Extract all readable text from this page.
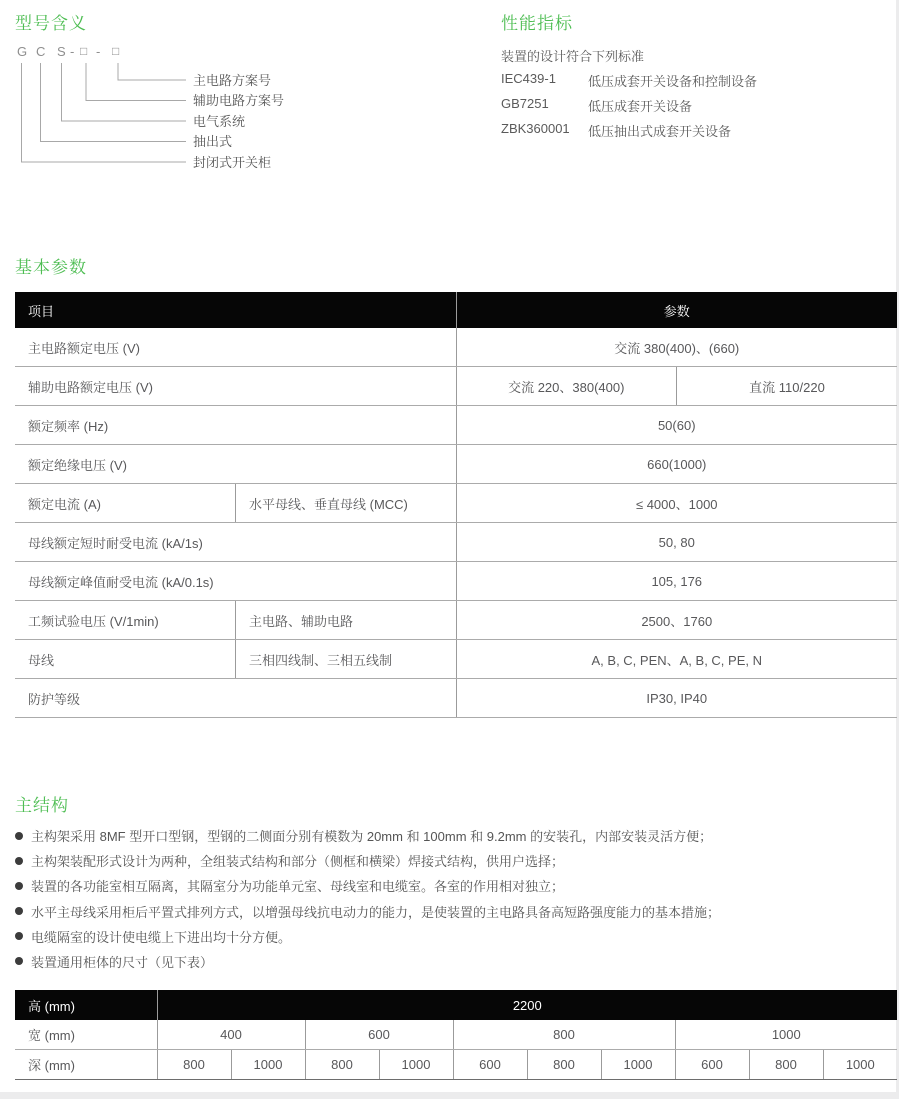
型号含义
G C S - □ - □
主电路方案号
辅助电路方案号
电气系统
抽出式
封闭式开关柜
性能指标
装置的设计符合下列标准
IEC439-1	低压成套开关设备和控制设备
GB7251	低压成套开关设备
ZBK360001	低压抽出式成套开关设备
基本参数
项目		参数	
主电路额定电压 (V)		交流 380(400)、(660)	
辅助电路额定电压 (V)		交流 220、380(400)	直流 110/220
额定频率 (Hz)		50(60)	
额定绝缘电压 (V)		660(1000)	
额定电流 (A)	水平母线、垂直母线 (MCC)	≤ 4000、1000	
母线额定短时耐受电流 (kA/1s)		50, 80	
母线额定峰值耐受电流 (kA/0.1s)		105, 176	
工频试验电压 (V/1min)	主电路、辅助电路	2500、1760	
母线	三相四线制、三相五线制	A, B, C, PEN、A, B, C, PE, N	
防护等级		IP30, IP40	
主结构
主构架采用 8MF 型开口型钢，型钢的二侧面分别有模数为 20mm 和 100mm 和 9.2mm 的安装孔，内部安装灵活方便；
主构架装配形式设计为两种，全组装式结构和部分（侧框和横梁）焊接式结构，供用户选择；
装置的各功能室相互隔离，其隔室分为功能单元室、母线室和电缆室。各室的作用相对独立；
水平主母线采用柜后平置式排列方式，以增强母线抗电动力的能力，是使装置的主电路具备高短路强度能力的基本措施；
电缆隔室的设计使电缆上下进出均十分方便。
装置通用柜体的尺寸（见下表）
高 (mm)	2200									
宽 (mm)	400		600		800			1000		
深 (mm)	800	1000	800	1000	600	800	1000	600	800	1000
